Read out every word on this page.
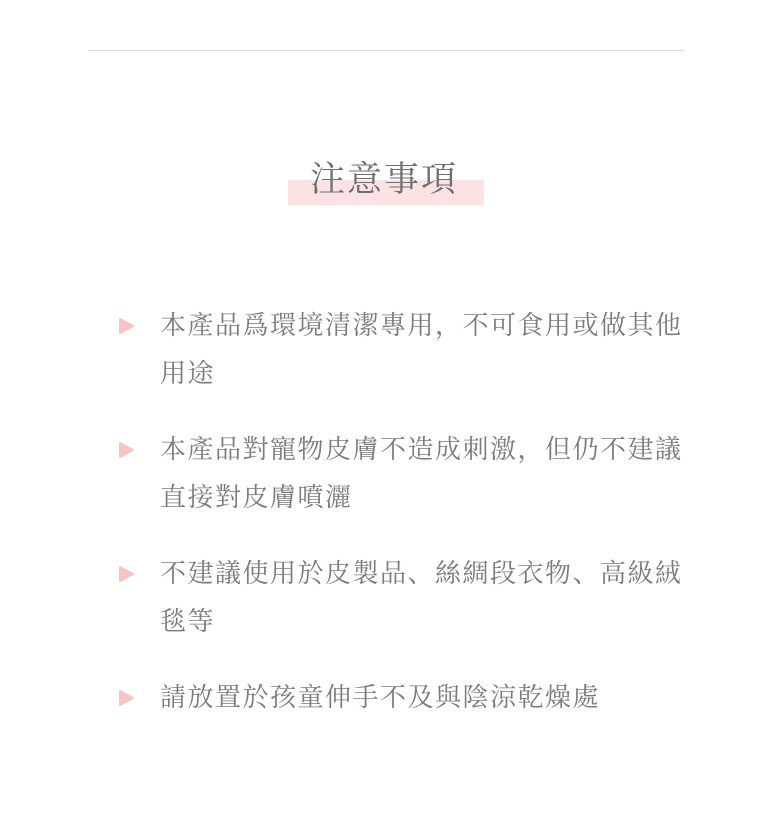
注意事項
本產品爲環境清潔專用，不可食用或做其他用途
本產品對寵物皮膚不造成刺激，但仍不建議直接對皮膚噴灑
不建議使用於皮製品、絲綢段衣物、高級絨毯等
請放置於孩童伸手不及與陰涼乾燥處
